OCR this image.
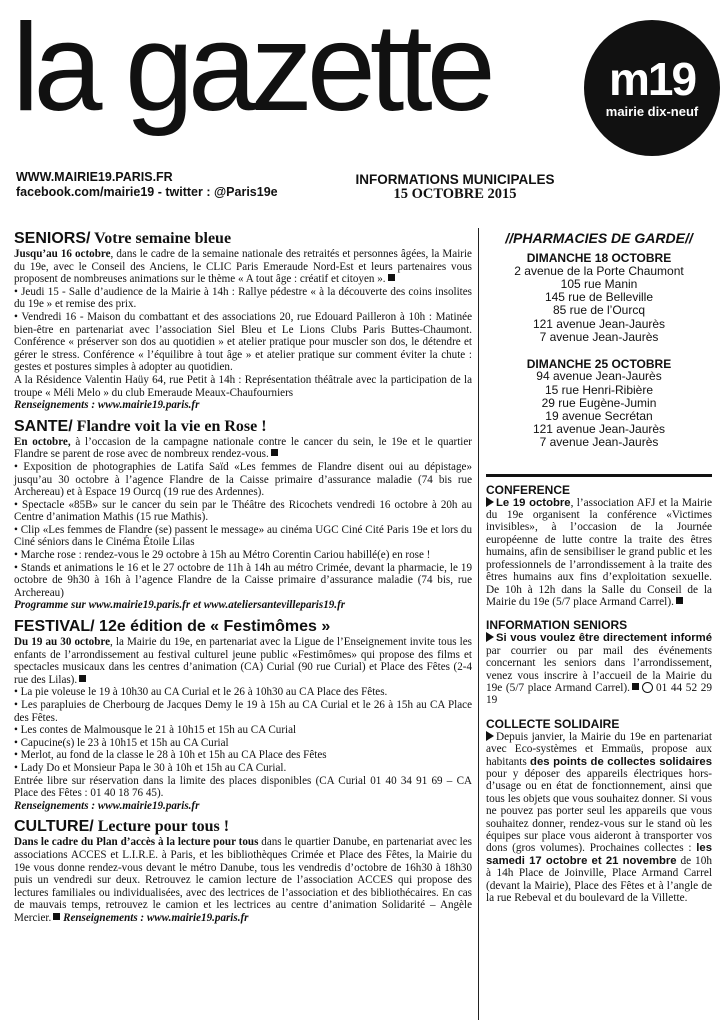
la gazette	m19
mairie dix-neuf
WWW.MAIRIE19.PARIS.FR
facebook.com/mairie19 - twitter : @Paris19e
INFORMATIONS MUNICIPALES
15 OCTOBRE 2015
SENIORS/ Votre semaine bleue

Jusqu’au 16 octobre, dans le cadre de la semaine nationale des retraités et personnes âgées, la Mairie du 19e, avec le Conseil des Anciens, le CLIC Paris Emeraude Nord-Est et leurs partenaires vous proposent de nombreuses animations sur le thème « A tout âge : créatif et citoyen ».

• Jeudi 15 - Salle d’audience de la Mairie à 14h : Rallye pédestre « à la découverte des coins insolites du 19e » et remise des prix.

• Vendredi 16 - Maison du combattant et des associations 20, rue Edouard Pailleron à 10h : Matinée bien-être en partenariat avec l’association Siel Bleu et Le Lions Clubs Paris Buttes-Chaumont. Conférence « préserver son dos au quotidien » et atelier pratique pour muscler son dos, le détendre et gérer le stress. Conférence « l’équilibre à tout âge » et atelier pratique sur comment éviter la chute : gestes et postures simples à adopter au quotidien.

A la Résidence Valentin Haüy 64, rue Petit à 14h : Représentation théâtrale avec la participation de la troupe « Méli Melo » du club Emeraude Meaux-Chaufourniers

Renseignements : www.mairie19.paris.fr

SANTE/ Flandre voit la vie en Rose !

En octobre, à l’occasion de la campagne nationale contre le cancer du sein, le 19e et le quartier Flandre se parent de rose avec de nombreux rendez-vous.

• Exposition de photographies de Latifa Saïd «Les femmes de Flandre disent oui au dépistage» jusqu’au 30 octobre à l’agence Flandre de la Caisse primaire d’assurance maladie (74 bis rue Archereau) et à Espace 19 Ourcq (19 rue des Ardennes).

• Spectacle «85B» sur le cancer du sein par le Théâtre des Ricochets vendredi 16 octobre à 20h au Centre d’animation Mathis (15 rue Mathis).

• Clip «Les femmes de Flandre (se) passent le message» au cinéma UGC Ciné Cité Paris 19e et lors du Ciné séniors dans le Cinéma Étoile Lilas

• Marche rose : rendez-vous le 29 octobre à 15h au Métro Corentin Cariou habillé(e) en rose !

• Stands et animations le 16 et le 27 octobre de 11h à 14h au métro Crimée, devant la pharmacie, le 19 octobre de 9h30 à 16h à l’agence Flandre de la Caisse primaire d’assurance maladie (74 bis, rue Archereau)

Programme sur www.mairie19.paris.fr et www.ateliersantevilleparis19.fr

FESTIVAL/ 12e édition de « Festimômes »

Du 19 au 30 octobre, la Mairie du 19e, en partenariat avec la Ligue de l’Enseignement invite tous les enfants de l’arrondissement au festival culturel jeune public «Festimômes» qui propose des films et spectacles musicaux dans les centres d’animation (CA) Curial (90 rue Curial) et Place des Fêtes (2-4 rue des Lilas).

• La pie voleuse le 19 à 10h30 au CA Curial et le 26 à 10h30 au CA Place des Fêtes.

• Les parapluies de Cherbourg de Jacques Demy le 19 à 15h au CA Curial et le 26 à 15h au CA Place des Fêtes.

• Les contes de Malmousque le 21 à 10h15 et 15h au CA Curial

• Capucine(s) le 23 à 10h15 et 15h au CA Curial

• Merlot, au fond de la classe le 28 à 10h et 15h au CA Place des Fêtes

• Lady Do et Monsieur Papa le 30 à 10h et 15h au CA Curial.

Entrée libre sur réservation dans la limite des places disponibles (CA Curial 01 40 34 91 69 – CA Place des Fêtes : 01 40 18 76 45).

Renseignements : www.mairie19.paris.fr

CULTURE/ Lecture pour tous !

Dans le cadre du Plan d’accès à la lecture pour tous dans le quartier Danube, en partenariat avec les associations ACCES et L.I.R.E. à Paris, et les bibliothèques Crimée et Place des Fêtes, la Mairie du 19e vous donne rendez-vous devant le métro Danube, tous les vendredis d’octobre de 16h30 à 18h30 puis un vendredi sur deux. Retrouvez le camion lecture de l’association ACCES qui propose des lectures familiales ou individualisées, avec des lectrices de l’association et des bibliothécaires. En cas de mauvais temps, retrouvez le camion et les lectrices au centre d’animation Solidarité – Angèle Mercier. Renseignements : www.mairie19.paris.fr

//PHARMACIES DE GARDE//
DIMANCHE 18 OCTOBRE
2 avenue de la Porte Chaumont
105 rue Manin
145 rue de Belleville
85 rue de l’Ourcq
121 avenue Jean-Jaurès
7 avenue Jean-Jaurès
DIMANCHE 25 OCTOBRE
94 avenue Jean-Jaurès
15 rue Henri-Ribière
29 rue Eugène-Jumin
19 avenue Secrétan
121 avenue Jean-Jaurès
7 avenue Jean-Jaurès
CONFERENCE

Le 19 octobre, l’association AFJ et la Mairie du 19e organisent la conférence «Victimes invisibles», à l’occasion de la Journée européenne de lutte contre la traite des êtres humains, afin de sensibiliser le grand public et les professionnels de l’arrondissement à la traite des êtres humains aux fins d’exploitation sexuelle. De 10h à 12h dans la Salle du Conseil de la Mairie du 19e (5/7 place Armand Carrel).

INFORMATION SENIORS

Si vous voulez être directement informé par courrier ou par mail des événements concernant les seniors dans l’arrondissement, venez vous inscrire à l’accueil de la Mairie du 19e (5/7 place Armand Carrel). 01 44 52 29 19

COLLECTE SOLIDAIRE

Depuis janvier, la Mairie du 19e en partenariat avec Eco-systèmes et Emmaüs, propose aux habitants des points de collectes solidaires pour y déposer des appareils électriques hors-d’usage ou en état de fonctionnement, ainsi que tous les objets que vous souhaitez donner. Si vous ne pouvez pas porter seul les appareils que vous souhaitez donner, rendez-vous sur le stand où les équipes sur place vous aideront à transporter vos dons (gros volumes). Prochaines collectes : les samedi 17 octobre et 21 novembre de 10h à 14h Place de Joinville, Place Armand Carrel (devant la Mairie), Place des Fêtes et à l’angle de la rue Rebeval et du boulevard de la Villette.
